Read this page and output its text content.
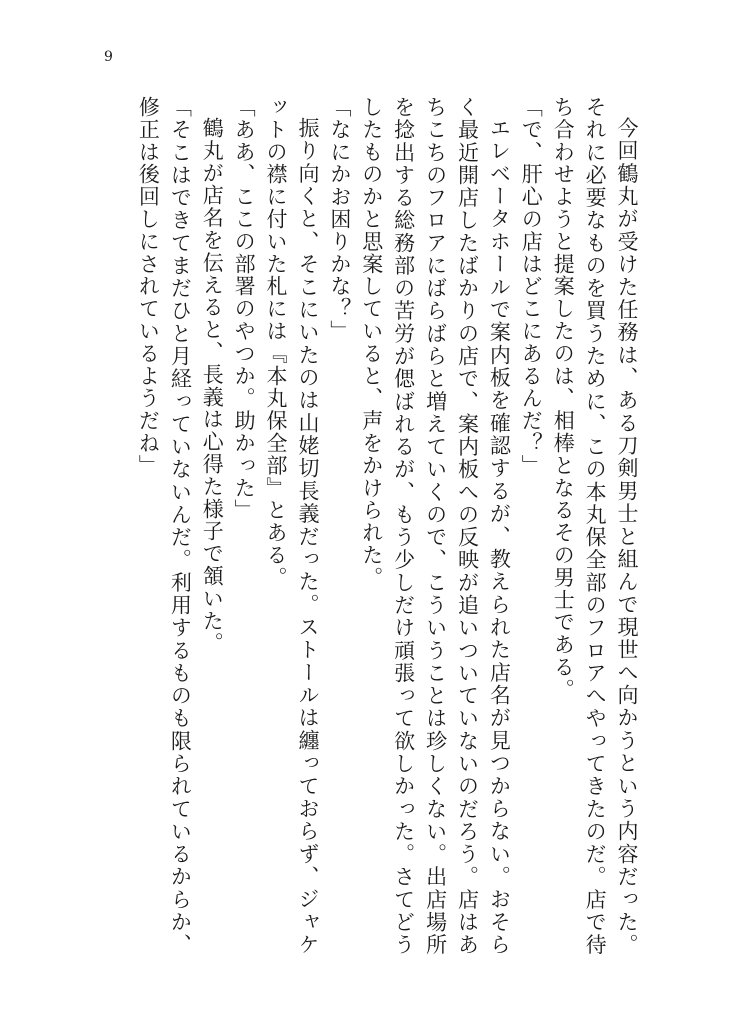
9

今回鶴丸が受けた任務は、ある刀剣男士と組んで現世へ向かうという内容だった。それに必要なものを買うために、この本丸保全部のフロアへやってきたのだ。店で待ち合わせようと提案したのは、相棒となるその男士である。

「で、肝心の店はどこにあるんだ？」

エレベータホールで案内板を確認するが、教えられた店名が見つからない。おそらく最近開店したばかりの店で、案内板への反映が追いついていないのだろう。店はあちこちのフロアにばらばらと増えていくので、こういうことは珍しくない。出店場所を捻出する総務部の苦労が偲ばれるが、もう少しだけ頑張って欲しかった。さてどうしたものかと思案していると、声をかけられた。

「なにかお困りかな？」

振り向くと、そこにいたのは山姥切長義だった。ストールは纏っておらず、ジャケットの襟に付いた札には『本丸保全部』とある。

「ああ、ここの部署のやつか。助かった」

鶴丸が店名を伝えると、長義は心得た様子で頷いた。

「そこはできてまだひと月経っていないんだ。利用するものも限られているからか、修正は後回しにされているようだね」
